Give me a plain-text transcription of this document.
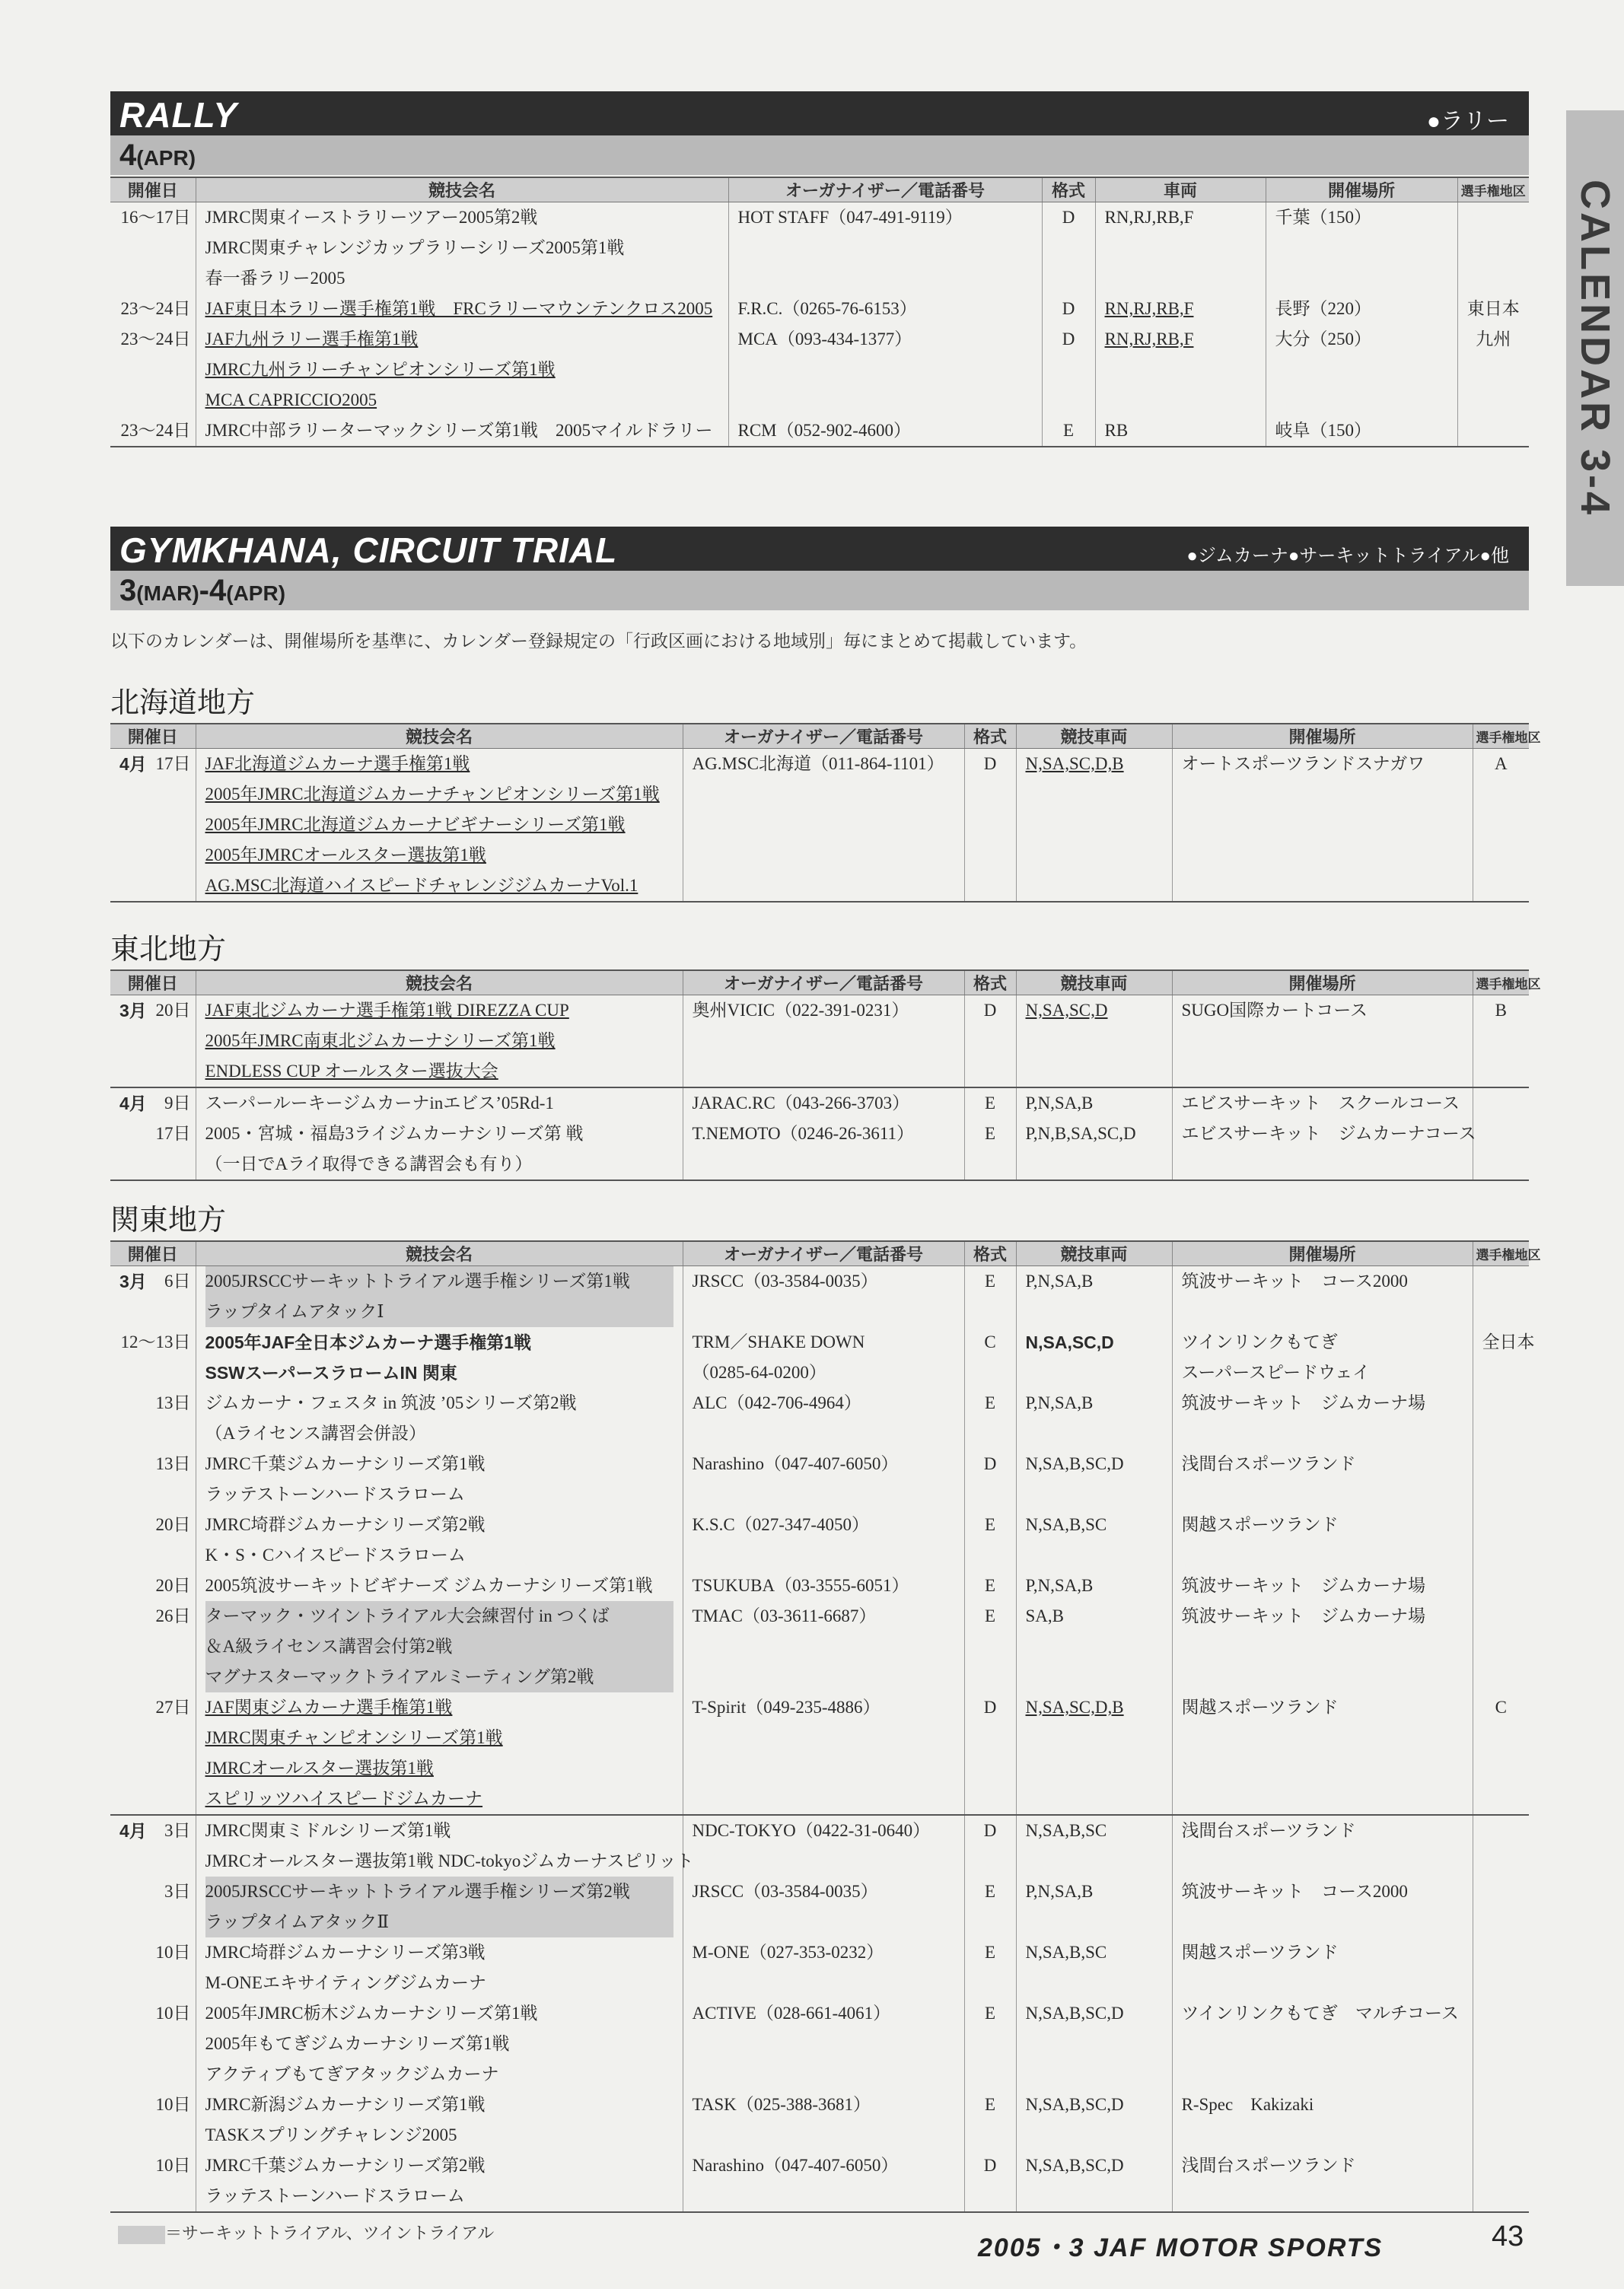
CALENDAR 3-4
RALLY	●ラリー
4(APR)
開催日	競技会名	オーガナイザー／電話番号	格式	車両	開催場所	選手権地区

16～17日	JMRC関東イーストラリーツアー2005第2戦
JMRC関東チャレンジカップラリーシリーズ2005第1戦
春一番ラリー2005	HOT STAFF（047-491-9119）	D	RN,RJ,RB,F	千葉（150）	

23～24日	JAF東日本ラリー選手権第1戦　FRCラリーマウンテンクロス2005	F.R.C.（0265-76-6153）	D	RN,RJ,RB,F	長野（220）	東日本

23～24日	JAF九州ラリー選手権第1戦
JMRC九州ラリーチャンピオンシリーズ第1戦
MCA CAPRICCIO2005	MCA（093-434-1377）	D	RN,RJ,RB,F	大分（250）	九州

23～24日	JMRC中部ラリーターマックシリーズ第1戦　2005マイルドラリー	RCM（052-902-4600）	E	RB	岐阜（150）	
GYMKHANA, CIRCUIT TRIAL	●ジムカーナ●サーキットトライアル●他
3(MAR)-4(APR)
以下のカレンダーは、開催場所を基準に、カレンダー登録規定の「行政区画における地域別」毎にまとめて掲載しています。
北海道地方
開催日	競技会名	オーガナイザー／電話番号	格式	競技車両	開催場所	選手権地区

4月 17日	JAF北海道ジムカーナ選手権第1戦
2005年JMRC北海道ジムカーナチャンピオンシリーズ第1戦
2005年JMRC北海道ジムカーナビギナーシリーズ第1戦
2005年JMRCオールスター選抜第1戦
AG.MSC北海道ハイスピードチャレンジジムカーナVol.1	AG.MSC北海道（011-864-1101）	D	N,SA,SC,D,B	オートスポーツランドスナガワ	A
東北地方
開催日	競技会名	オーガナイザー／電話番号	格式	競技車両	開催場所	選手権地区

3月 20日	JAF東北ジムカーナ選手権第1戦 DIREZZA CUP
2005年JMRC南東北ジムカーナシリーズ第1戦
ENDLESS CUP オールスター選抜大会	奥州VICIC（022-391-0231）	D	N,SA,SC,D	SUGO国際カートコース	B

4月 9日	スーパールーキージムカーナinエビス’05Rd-1	JARAC.RC（043-266-3703）	E	P,N,SA,B	エビスサーキット　スクールコース	

17日	2005・宮城・福島3ライジムカーナシリーズ第 戦
（一日でAライ取得できる講習会も有り）	T.NEMOTO（0246-26-3611）	E	P,N,B,SA,SC,D	エビスサーキット　ジムカーナコース	

関東地方
開催日	競技会名	オーガナイザー／電話番号	格式	競技車両	開催場所	選手権地区

3月 6日	2005JRSCCサーキットトライアル選手権シリーズ第1戦
ラップタイムアタックⅠ	JRSCC（03-3584-0035）	E	P,N,SA,B	筑波サーキット　コース2000	

12～13日	2005年JAF全日本ジムカーナ選手権第1戦
SSWスーパースラロームIN 関東	TRM／SHAKE DOWN
（0285-64-0200）	C	N,SA,SC,D	ツインリンクもてぎ
スーパースピードウェイ	全日本

13日	ジムカーナ・フェスタ in 筑波 ’05シリーズ第2戦
（Aライセンス講習会併設）	ALC（042-706-4964）	E	P,N,SA,B	筑波サーキット　ジムカーナ場	

13日	JMRC千葉ジムカーナシリーズ第1戦
ラッテストーンハードスラローム	Narashino（047-407-6050）	D	N,SA,B,SC,D	浅間台スポーツランド	

20日	JMRC埼群ジムカーナシリーズ第2戦
K・S・Cハイスピードスラローム	K.S.C（027-347-4050）	E	N,SA,B,SC	関越スポーツランド	

20日	2005筑波サーキットビギナーズ ジムカーナシリーズ第1戦	TSUKUBA（03-3555-6051）	E	P,N,SA,B	筑波サーキット　ジムカーナ場	

26日	ターマック・ツイントライアル大会練習付 in つくば
＆A級ライセンス講習会付第2戦
マグナスターマックトライアルミーティング第2戦	TMAC（03-3611-6687）	E	SA,B	筑波サーキット　ジムカーナ場	

27日	JAF関東ジムカーナ選手権第1戦
JMRC関東チャンピオンシリーズ第1戦
JMRCオールスター選抜第1戦
スピリッツハイスピードジムカーナ	T-Spirit（049-235-4886）	D	N,SA,SC,D,B	関越スポーツランド	C

4月 3日	JMRC関東ミドルシリーズ第1戦
JMRCオールスター選抜第1戦 NDC-tokyoジムカーナスピリット	NDC-TOKYO（0422-31-0640）	D	N,SA,B,SC	浅間台スポーツランド	

3日	2005JRSCCサーキットトライアル選手権シリーズ第2戦
ラップタイムアタックⅡ	JRSCC（03-3584-0035）	E	P,N,SA,B	筑波サーキット　コース2000	

10日	JMRC埼群ジムカーナシリーズ第3戦
M-ONEエキサイティングジムカーナ	M-ONE（027-353-0232）	E	N,SA,B,SC	関越スポーツランド	

10日	2005年JMRC栃木ジムカーナシリーズ第1戦
2005年もてぎジムカーナシリーズ第1戦
アクティブもてぎアタックジムカーナ	ACTIVE（028-661-4061）	E	N,SA,B,SC,D	ツインリンクもてぎ　マルチコース	

10日	JMRC新潟ジムカーナシリーズ第1戦
TASKスプリングチャレンジ2005	TASK（025-388-3681）	E	N,SA,B,SC,D	R-Spec　Kakizaki	

10日	JMRC千葉ジムカーナシリーズ第2戦
ラッテストーンハードスラローム	Narashino（047-407-6050）	D	N,SA,B,SC,D	浅間台スポーツランド	

＝サーキットトライアル、ツイントライアル
2005・3 JAF MOTOR SPORTS	43
